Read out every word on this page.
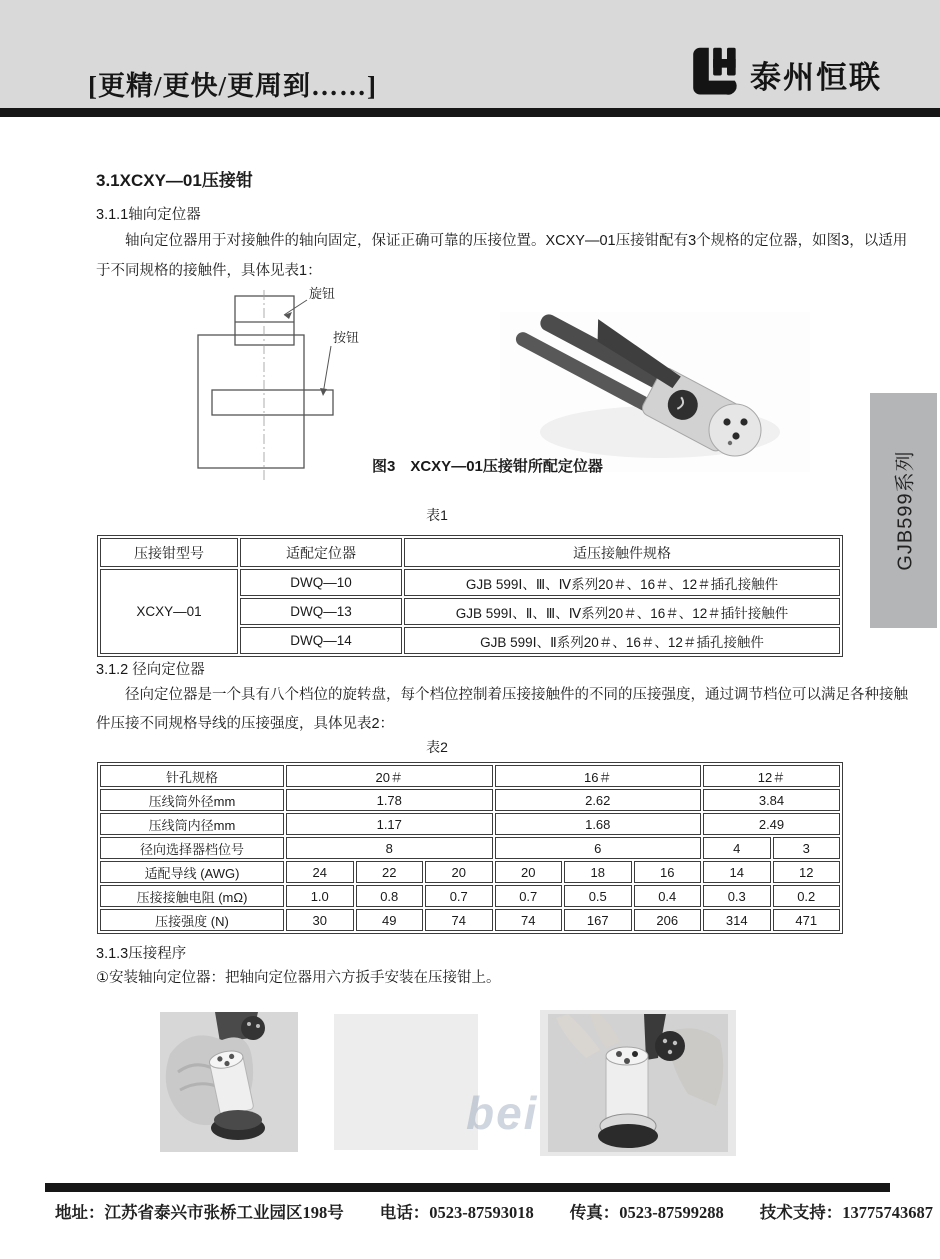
[更精/更快/更周到……]	泰州恒联
GJB599系列
3.1XCXY—01压接钳
3.1.1轴向定位器
轴向定位器用于对接触件的轴向固定，保证正确可靠的压接位置。XCXY—01压接钳配有3个规格的定位器，如图3，以适用于不同规格的接触件，具体见表1：
旋钮
按钮
图3　XCXY—01压接钳所配定位器
表1
压接钳型号	适配定位器	适压接触件规格
XCXY—01	DWQ—10	GJB 599Ⅰ、Ⅲ、Ⅳ系列20＃、16＃、12＃插孔接触件
	DWQ—13	GJB 599Ⅰ、Ⅱ、Ⅲ、Ⅳ系列20＃、16＃、12＃插针接触件
	DWQ—14	GJB 599Ⅰ、Ⅱ系列20＃、16＃、12＃插孔接触件
3.1.2 径向定位器
径向定位器是一个具有八个档位的旋转盘，每个档位控制着压接接触件的不同的压接强度，通过调节档位可以满足各种接触件压接不同规格导线的压接强度，具体见表2：
表2
针孔规格	20＃			16＃			12＃	
压线筒外径mm	1.78			2.62			3.84	
压线筒内径mm	1.17			1.68			2.49	
径向选择器档位号	8			6			4	3
适配导线 (AWG)	24	22	20	20	18	16	14	12
压接接触电阻 (mΩ)	1.0	0.8	0.7	0.7	0.5	0.4	0.3	0.2
压接强度 (N)	30	49	74	74	167	206	314	471
3.1.3压接程序
①安装轴向定位器：把轴向定位器用六方扳手安装在压接钳上。
bei
地址：江苏省泰兴市张桥工业园区198号 电话：0523-87593018 传真：0523-87599288 技术支持：13775743687
